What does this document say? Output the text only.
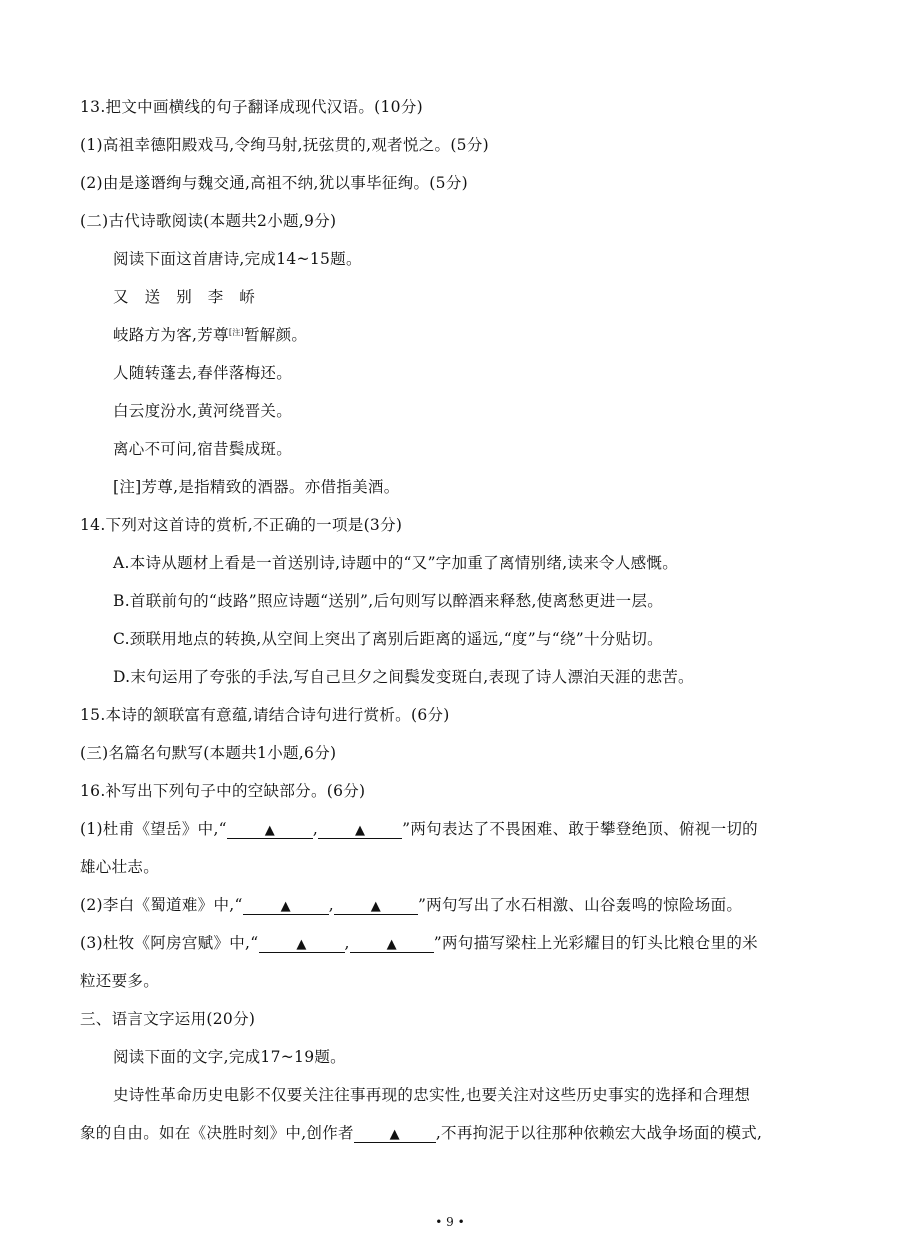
13.把文中画横线的句子翻译成现代汉语。(10分)
(1)高祖幸德阳殿戏马,令绚马射,抚弦贯的,观者悦之。(5分)
(2)由是遂谮绚与魏交通,高祖不纳,犹以事毕征绚。(5分)
(二)古代诗歌阅读(本题共2小题,9分)
阅读下面这首唐诗,完成14~15题。
又　送　别　李　峤
岐路方为客,芳尊[注]暂解颜。
人随转蓬去,春伴落梅还。
白云度汾水,黄河绕晋关。
离心不可问,宿昔鬓成斑。
[注]芳尊,是指精致的酒器。亦借指美酒。
14.下列对这首诗的赏析,不正确的一项是(3分)
A.本诗从题材上看是一首送别诗,诗题中的“又”字加重了离情别绪,读来令人感慨。
B.首联前句的“歧路”照应诗题“送别”,后句则写以醉酒来释愁,使离愁更进一层。
C.颈联用地点的转换,从空间上突出了离别后距离的遥远,“度”与“绕”十分贴切。
D.末句运用了夸张的手法,写自己旦夕之间鬓发变斑白,表现了诗人漂泊天涯的悲苦。
15.本诗的颔联富有意蕴,请结合诗句进行赏析。(6分)
(三)名篇名句默写(本题共1小题,6分)
16.补写出下列句子中的空缺部分。(6分)
(1)杜甫《望岳》中,“	▲ ,	▲ ”两句表达了不畏困难、敢于攀登绝顶、俯视一切的
雄心壮志。
(2)李白《蜀道难》中,“	▲ ,	▲ ”两句写出了水石相激、山谷轰鸣的惊险场面。
(3)杜牧《阿房宫赋》中,“	▲ ,	▲ ”两句描写梁柱上光彩耀目的钉头比粮仓里的米
粒还要多。
三、语言文字运用(20分)
阅读下面的文字,完成17~19题。
史诗性革命历史电影不仅要关注往事再现的忠实性,也要关注对这些历史事实的选择和合理想
象的自由。如在《决胜时刻》中,创作者	▲ ,不再拘泥于以往那种依赖宏大战争场面的模式,
• 9 •
